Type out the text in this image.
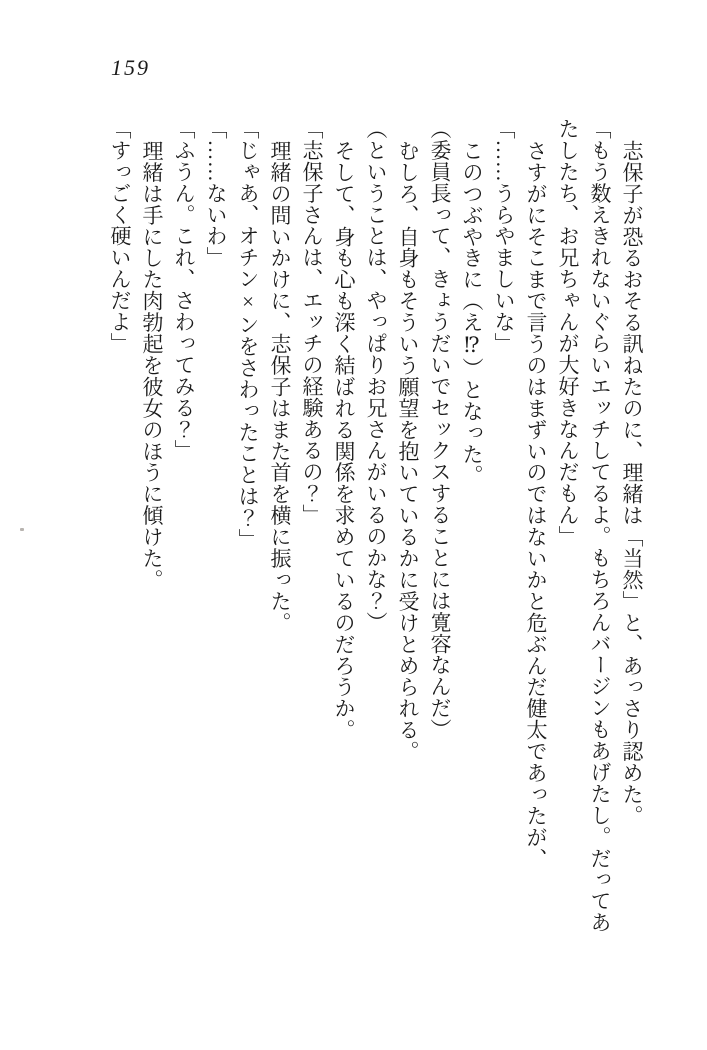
159

志保子が恐るおそる訊ねたのに、理緒は「当然」と、あっさり認めた。

「もう数えきれないぐらいエッチしてるよ。もちろんバージンもあげたし。だってあ

たしたち、お兄ちゃんが大好きなんだもん」

さすがにそこまで言うのはまずいのではないかと危ぶんだ健太であったが、

「……うらやましいな」

このつぶやきに（え⁉）となった。

（委員長って、きょうだいでセックスすることには寛容なんだ）

むしろ、自身もそういう願望を抱いているかに受けとめられる。

（ということは、やっぱりお兄さんがいるのかな？）

そして、身も心も深く結ばれる関係を求めているのだろうか。

「志保子さんは、エッチの経験あるの？」

理緒の問いかけに、志保子はまた首を横に振った。

「じゃあ、オチン×ンをさわったことは？」

「……ないわ」

「ふうん。これ、さわってみる？」

理緒は手にした肉勃起を彼女のほうに傾けた。

「すっごく硬いんだよ」
